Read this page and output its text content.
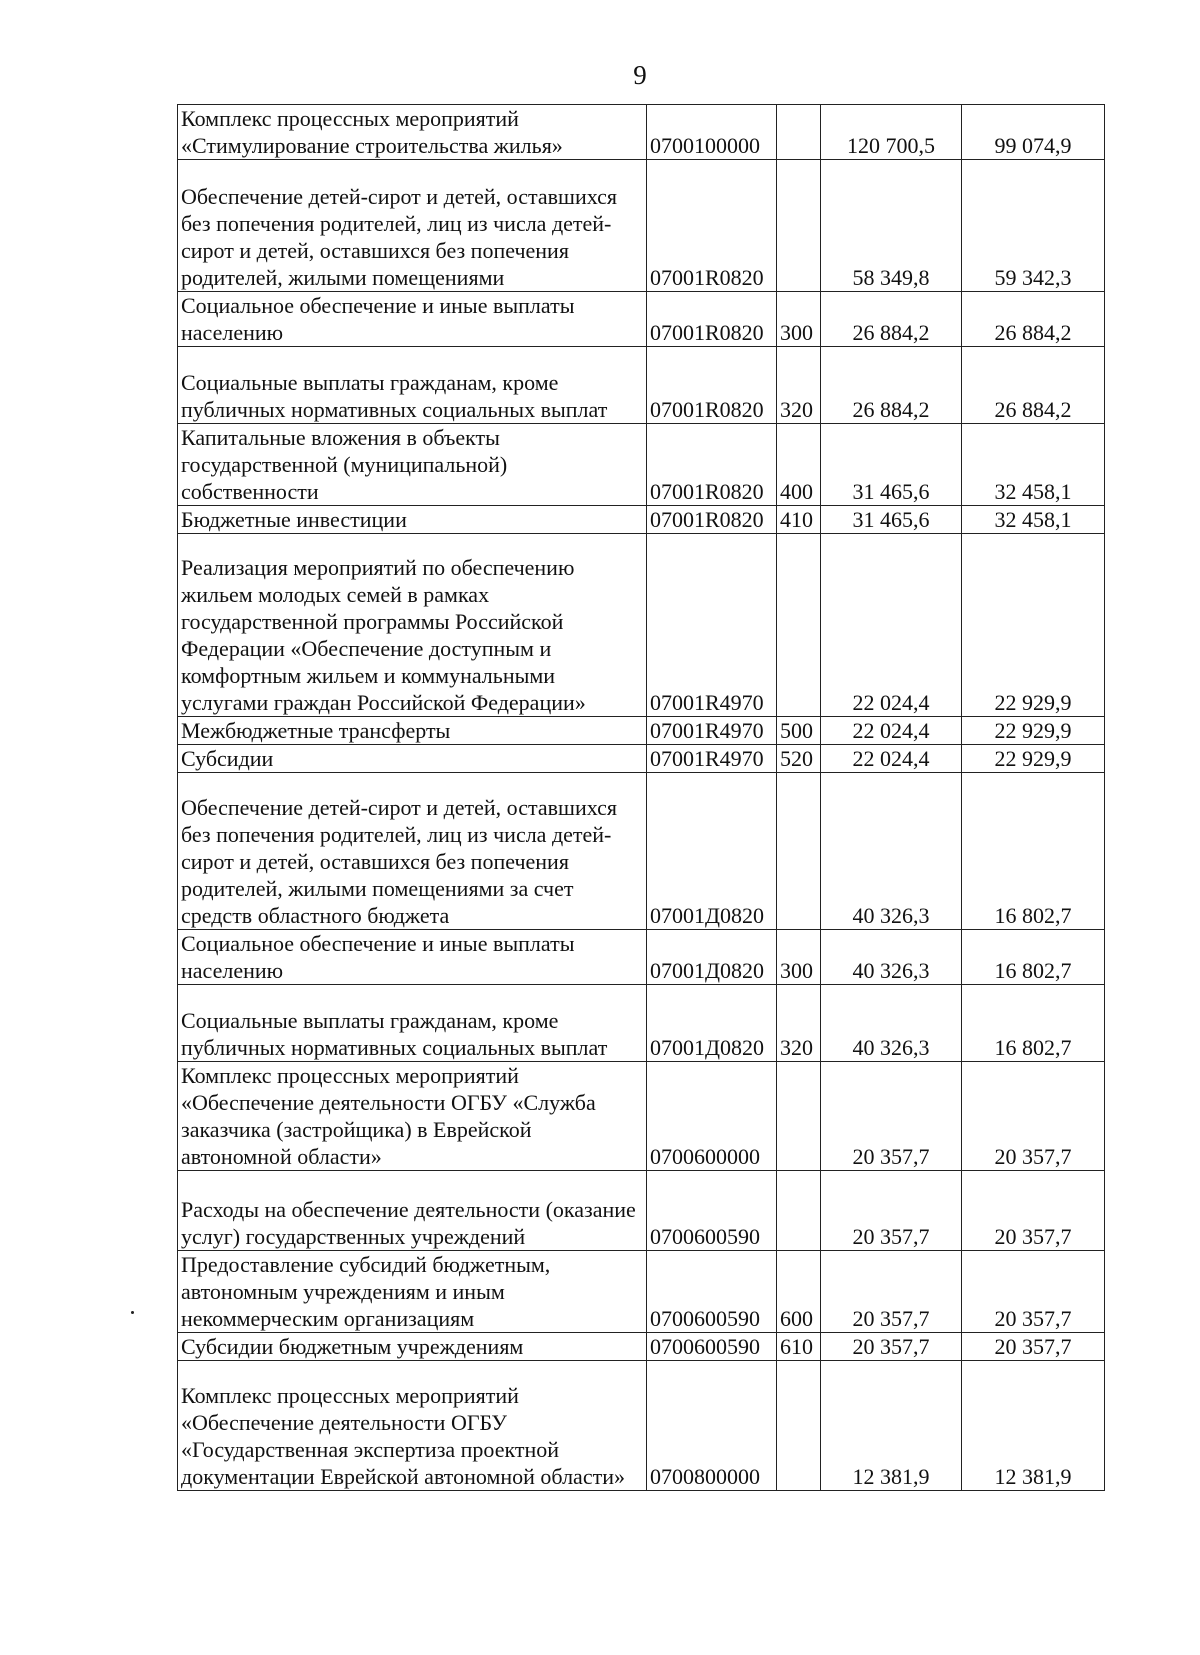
9
Комплекс процессных мероприятий «Стимулирование строительства жилья»	0700100000		120 700,5	99 074,9
Обеспечение детей-сирот и детей, оставшихся без попечения родителей, лиц из числа детей-сирот и детей, оставшихся без попечения родителей, жилыми помещениями	07001R0820		58 349,8	59 342,3
Социальное обеспечение и иные выплаты населению	07001R0820	300	26 884,2	26 884,2
Социальные выплаты гражданам, кроме публичных нормативных социальных выплат	07001R0820	320	26 884,2	26 884,2
Капитальные вложения в объекты государственной (муниципальной) собственности	07001R0820	400	31 465,6	32 458,1
Бюджетные инвестиции	07001R0820	410	31 465,6	32 458,1
Реализация мероприятий по обеспечению жильем молодых семей в рамках государственной программы Российской Федерации «Обеспечение доступным и комфортным жильем и коммунальными услугами граждан Российской Федерации»	07001R4970		22 024,4	22 929,9
Межбюджетные трансферты	07001R4970	500	22 024,4	22 929,9
Субсидии	07001R4970	520	22 024,4	22 929,9
Обеспечение детей-сирот и детей, оставшихся без попечения родителей, лиц из числа детей-сирот и детей, оставшихся без попечения родителей, жилыми помещениями за счет средств областного бюджета	07001Д0820		40 326,3	16 802,7
Социальное обеспечение и иные выплаты населению	07001Д0820	300	40 326,3	16 802,7
Социальные выплаты гражданам, кроме публичных нормативных социальных выплат	07001Д0820	320	40 326,3	16 802,7
Комплекс процессных мероприятий «Обеспечение деятельности ОГБУ «Служба заказчика (застройщика) в Еврейской автономной области»	0700600000		20 357,7	20 357,7
Расходы на обеспечение деятельности (оказание услуг) государственных учреждений	0700600590		20 357,7	20 357,7
Предоставление субсидий бюджетным, автономным учреждениям и иным некоммерческим организациям	0700600590	600	20 357,7	20 357,7
Субсидии бюджетным учреждениям	0700600590	610	20 357,7	20 357,7
Комплекс процессных мероприятий «Обеспечение деятельности ОГБУ «Государственная экспертиза проектной документации Еврейской автономной области»	0700800000		12 381,9	12 381,9
